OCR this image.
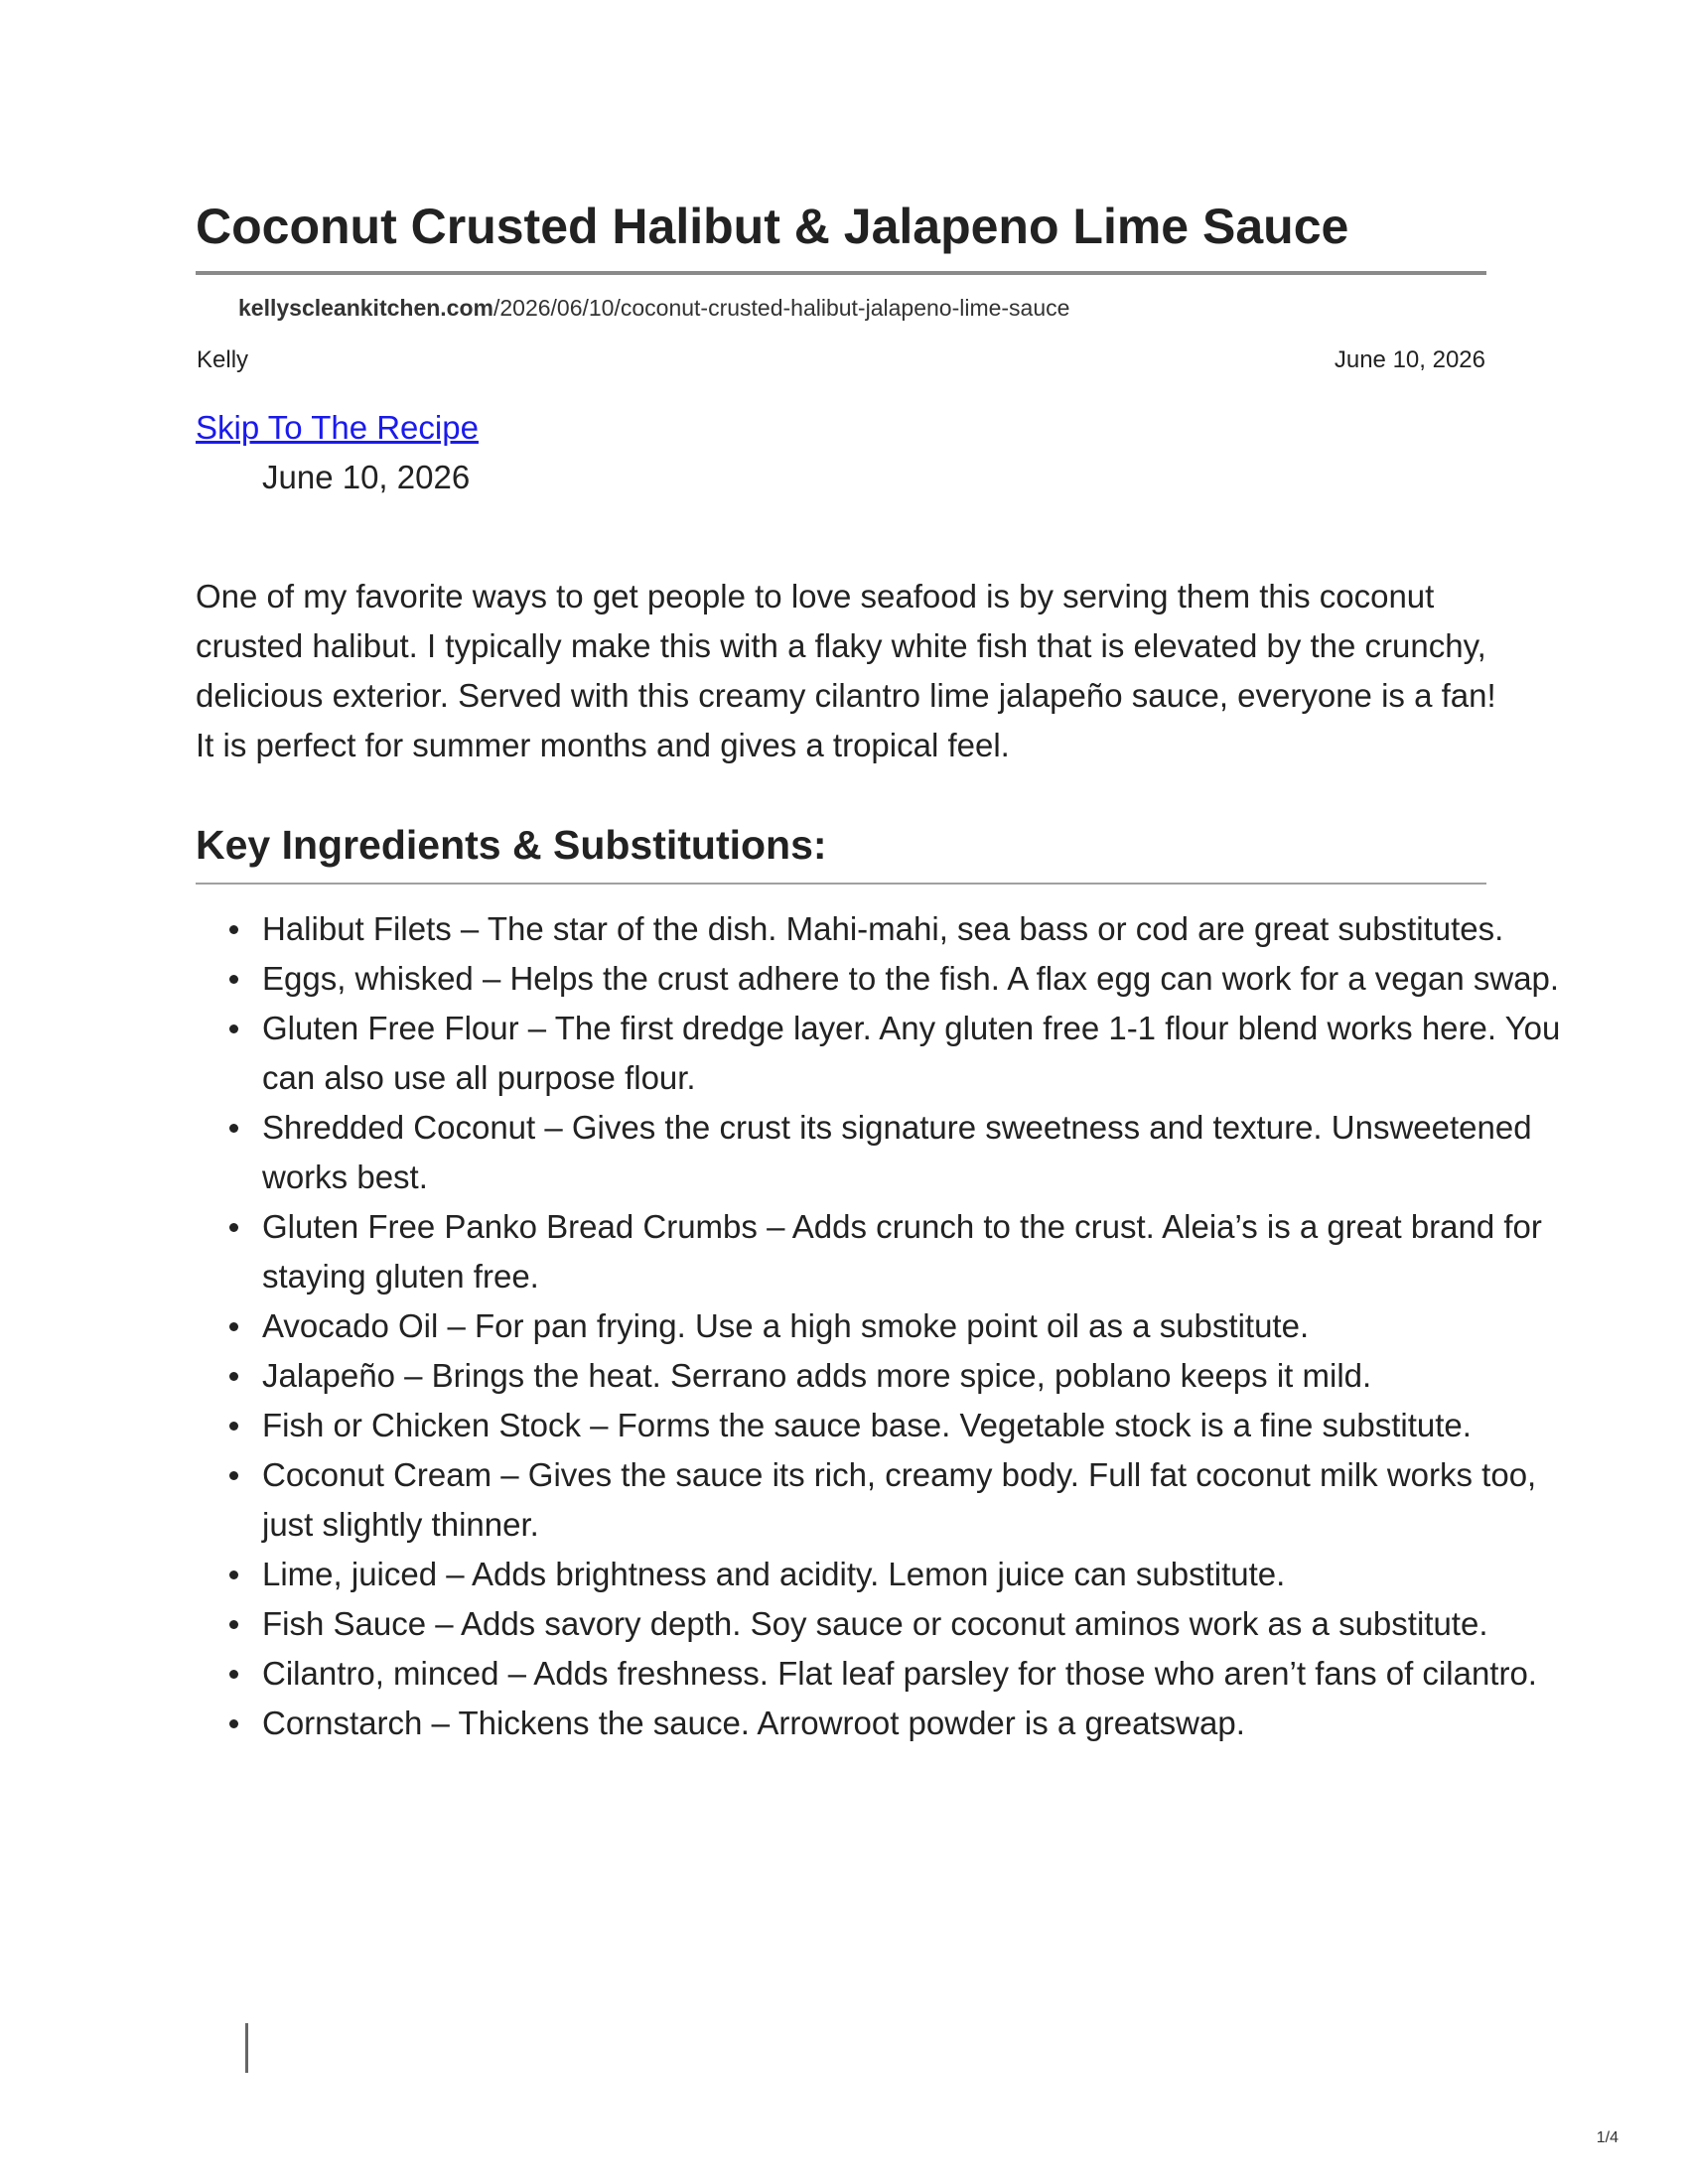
Coconut Crusted Halibut & Jalapeno Lime Sauce
kellyscleankitchen.com/2026/06/10/coconut-crusted-halibut-jalapeno-lime-sauce
Kelly	June 10, 2026
Skip To The Recipe
June 10, 2026

One of my favorite ways to get people to love seafood is by serving them this coconut crusted halibut. I typically make this with a flaky white fish that is elevated by the crunchy, delicious exterior. Served with this creamy cilantro lime jalapeño sauce, everyone is a fan! It is perfect for summer months and gives a tropical feel.

Key Ingredients & Substitutions:
Halibut Filets – The star of the dish. Mahi-mahi, sea bass or cod are great substitutes.
Eggs, whisked – Helps the crust adhere to the fish. A flax egg can work for a vegan swap.
Gluten Free Flour – The first dredge layer. Any gluten free 1-1 flour blend works here. You can also use all purpose flour.
Shredded Coconut – Gives the crust its signature sweetness and texture. Unsweetened works best.
Gluten Free Panko Bread Crumbs – Adds crunch to the crust. Aleia’s is a great brand for staying gluten free.
Avocado Oil – For pan frying. Use a high smoke point oil as a substitute.
Jalapeño – Brings the heat. Serrano adds more spice, poblano keeps it mild.
Fish or Chicken Stock – Forms the sauce base. Vegetable stock is a fine substitute.
Coconut Cream – Gives the sauce its rich, creamy body. Full fat coconut milk works too, just slightly thinner.
Lime, juiced – Adds brightness and acidity. Lemon juice can substitute.
Fish Sauce – Adds savory depth. Soy sauce or coconut aminos work as a substitute.
Cilantro, minced – Adds freshness. Flat leaf parsley for those who aren’t fans of cilantro.
Cornstarch – Thickens the sauce. Arrowroot powder is a greatswap.
1/4
